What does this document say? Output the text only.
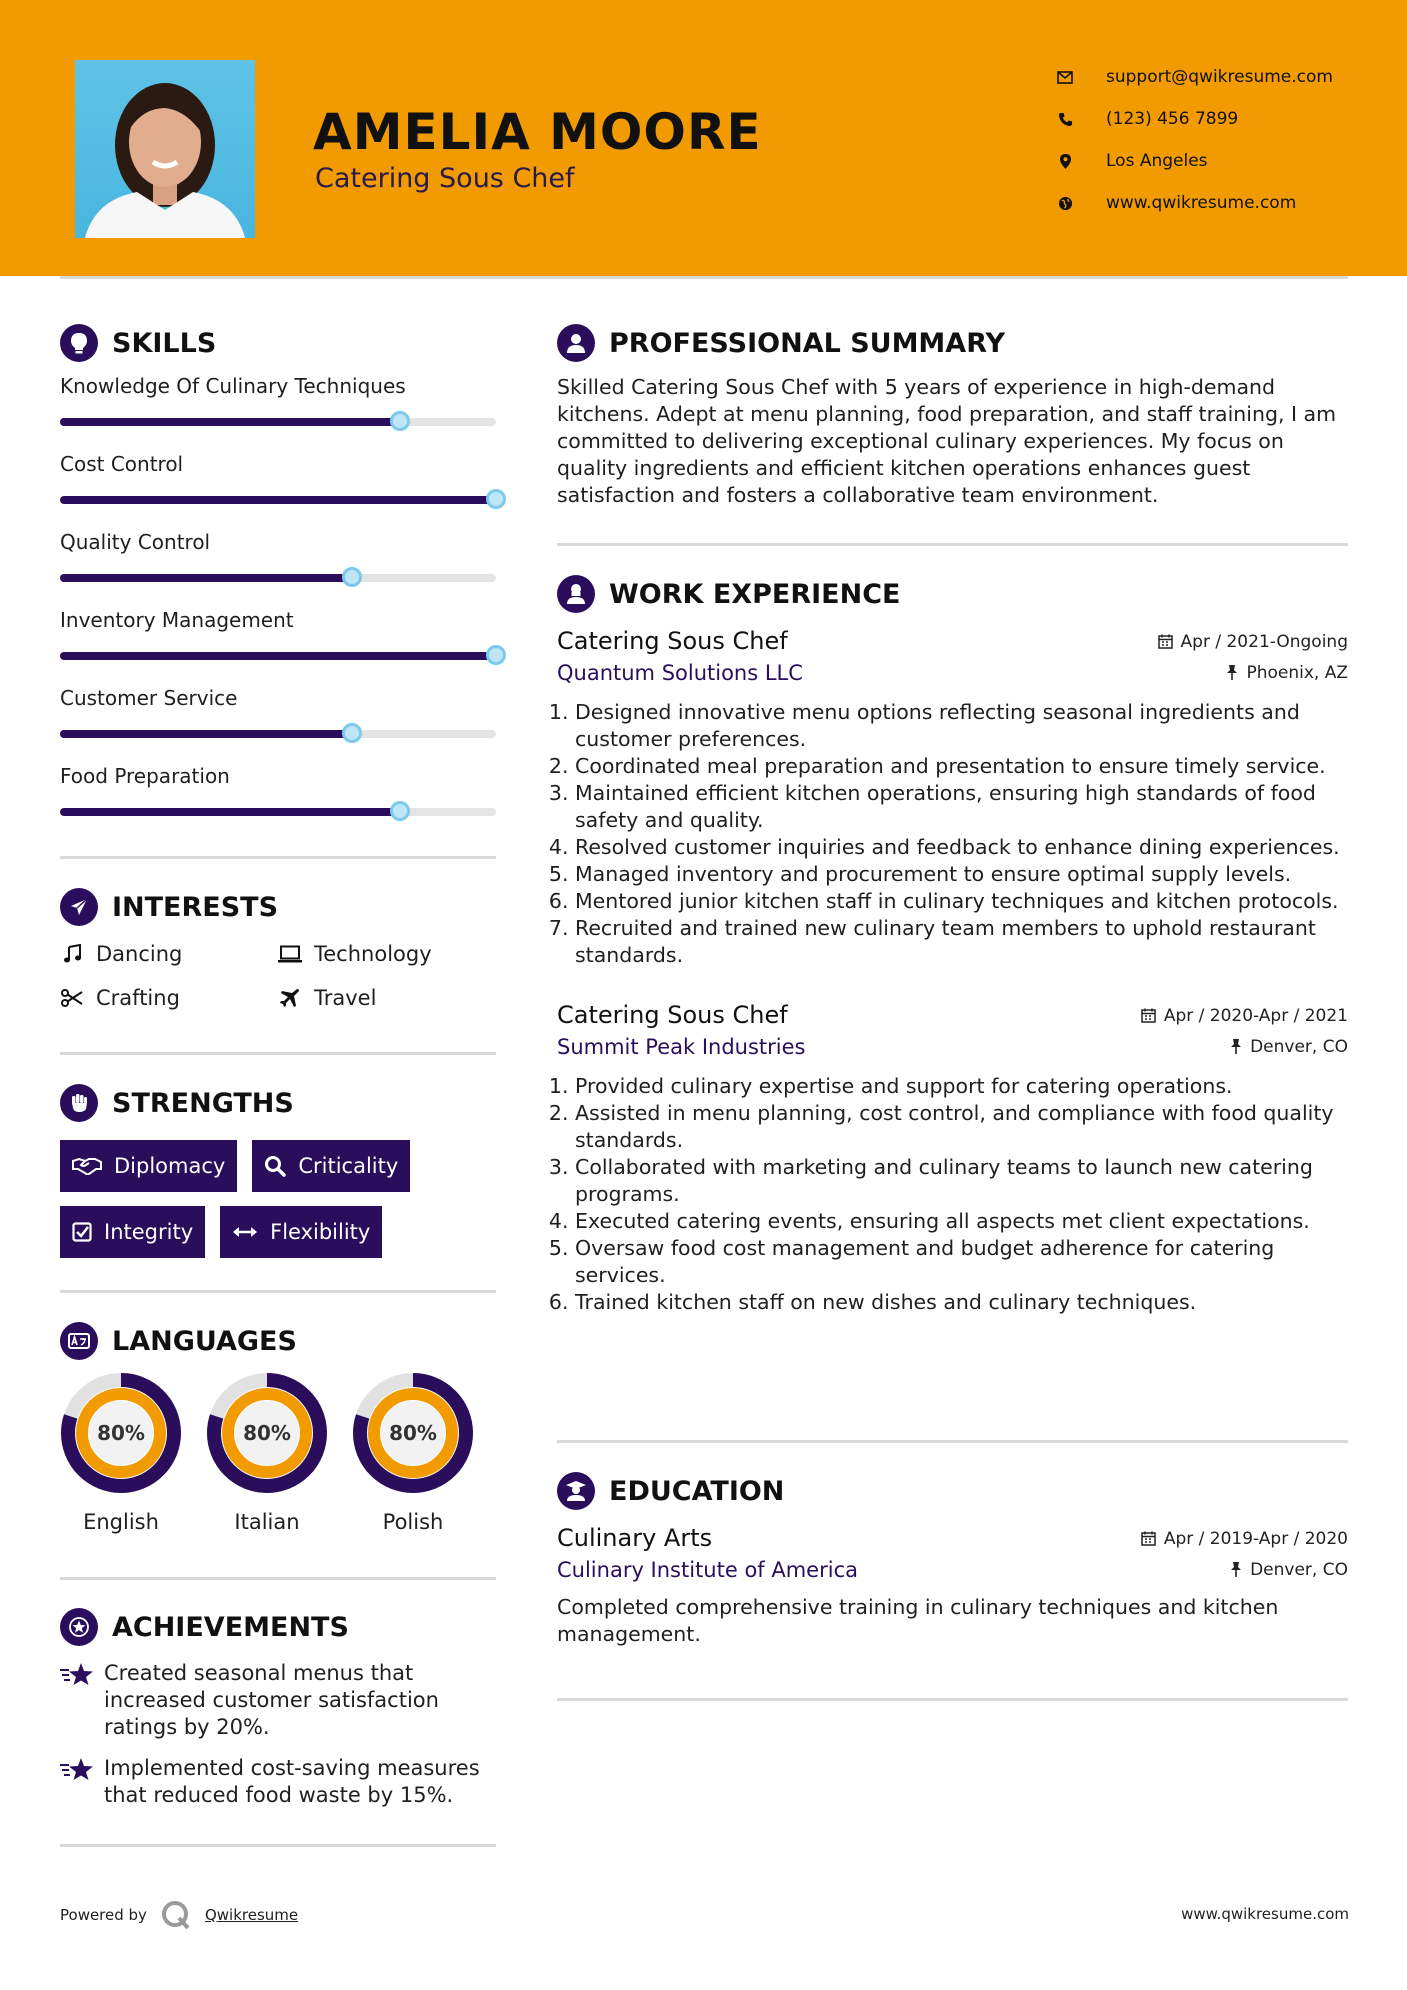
AMELIA MOORE
Catering Sous Chef
support@qwikresume.com
(123) 456 7899
Los Angeles
www.qwikresume.com
SKILLS
Knowledge Of Culinary Techniques
Cost Control
Quality Control
Inventory Management
Customer Service
Food Preparation
INTERESTS
Dancing	Technology
Crafting	Travel
STRENGTHS
Diplomacy	Criticality
Integrity	Flexibility
LANGUAGES
80%
English
80%
Italian
80%
Polish
ACHIEVEMENTS
Created seasonal menus that increased customer satisfaction ratings by 20%.
Implemented cost-saving measures that reduced food waste by 15%.
PROFESSIONAL SUMMARY

Skilled Catering Sous Chef with 5 years of experience in high-demand kitchens. Adept at menu planning, food preparation, and staff training, I am committed to delivering exceptional culinary experiences. My focus on quality ingredients and efficient kitchen operations enhances guest satisfaction and fosters a collaborative team environment.

WORK EXPERIENCE
Catering Sous Chef	Apr / 2021-Ongoing
Quantum Solutions LLC	Phoenix, AZ
1. Designed innovative menu options reflecting seasonal ingredients and customer preferences.
2. Coordinated meal preparation and presentation to ensure timely service.
3. Maintained efficient kitchen operations, ensuring high standards of food safety and quality.
4. Resolved customer inquiries and feedback to enhance dining experiences.
5. Managed inventory and procurement to ensure optimal supply levels.
6. Mentored junior kitchen staff in culinary techniques and kitchen protocols.
7. Recruited and trained new culinary team members to uphold restaurant standards.
Catering Sous Chef	Apr / 2020-Apr / 2021
Summit Peak Industries	Denver, CO
1. Provided culinary expertise and support for catering operations.
2. Assisted in menu planning, cost control, and compliance with food quality standards.
3. Collaborated with marketing and culinary teams to launch new catering programs.
4. Executed catering events, ensuring all aspects met client expectations.
5. Oversaw food cost management and budget adherence for catering services.
6. Trained kitchen staff on new dishes and culinary techniques.
EDUCATION
Culinary Arts	Apr / 2019-Apr / 2020
Culinary Institute of America	Denver, CO

Completed comprehensive training in culinary techniques and kitchen management.

Powered by	Qwikresume	www.qwikresume.com
